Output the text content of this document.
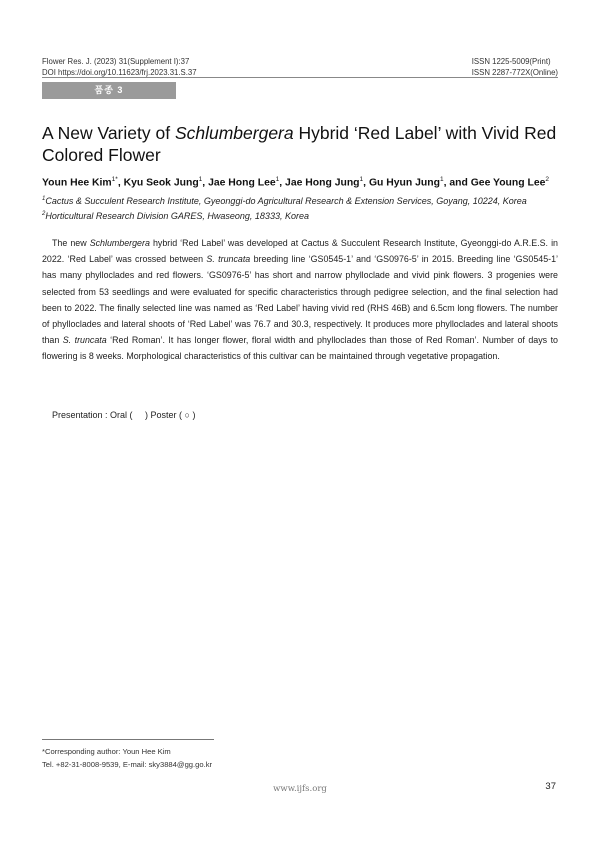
Flower Res. J. (2023) 31(Supplement I):37
DOI https://doi.org/10.11623/frj.2023.31.S.37
ISSN 1225-5009(Print)
ISSN 2287-772X(Online)
품종 3
A New Variety of Schlumbergera Hybrid ‘Red Label’ with Vivid Red Colored Flower
Youn Hee Kim$^{1*}$, Kyu Seok Jung$^1$, Jae Hong Lee$^1$, Jae Hong Jung$^1$, Gu Hyun Jung$^1$, and Gee Young Lee$^2$
$^1$Cactus & Succulent Research Institute, Gyeonggi-do Agricultural Research & Extension Services, Goyang, 10224, Korea
$^2$Horticultural Research Division GARES, Hwaseong, 18333, Korea

The new Schlumbergera hybrid ‘Red Label’ was developed at Cactus & Succulent Research Institute, Gyeonggi-do A.R.E.S. in 2022. ‘Red Label’ was crossed between S. truncata breeding line ‘GS0545-1’ and ‘GS0976-5’ in 2015. Breeding line ‘GS0545-1’ has many phylloclades and red flowers. ‘GS0976-5’ has short and narrow phylloclade and vivid pink flowers. 3 progenies were selected from 53 seedlings and were evaluated for specific characteristics through pedigree selection, and the final selection had been to 2022. The finally selected line was named as ‘Red Label’ having vivid red (RHS 46B) and 6.5cm long flowers. The number of phylloclades and lateral shoots of ‘Red Label’ was 76.7 and 30.3, respectively. It produces more phylloclades and lateral shoots than S. truncata ‘Red Roman’. It has longer flower, floral width and phylloclades than those of Red Roman’. Number of days to flowering is 8 weeks. Morphological characteristics of this cultivar can be maintained through vegetative propagation.

Presentation : Oral (     ) Poster ( ○ )
*Corresponding author: Youn Hee Kim
Tel. +82-31-8008-9539, E-mail: sky3884@gg.go.kr
www.ijfs.org	37
